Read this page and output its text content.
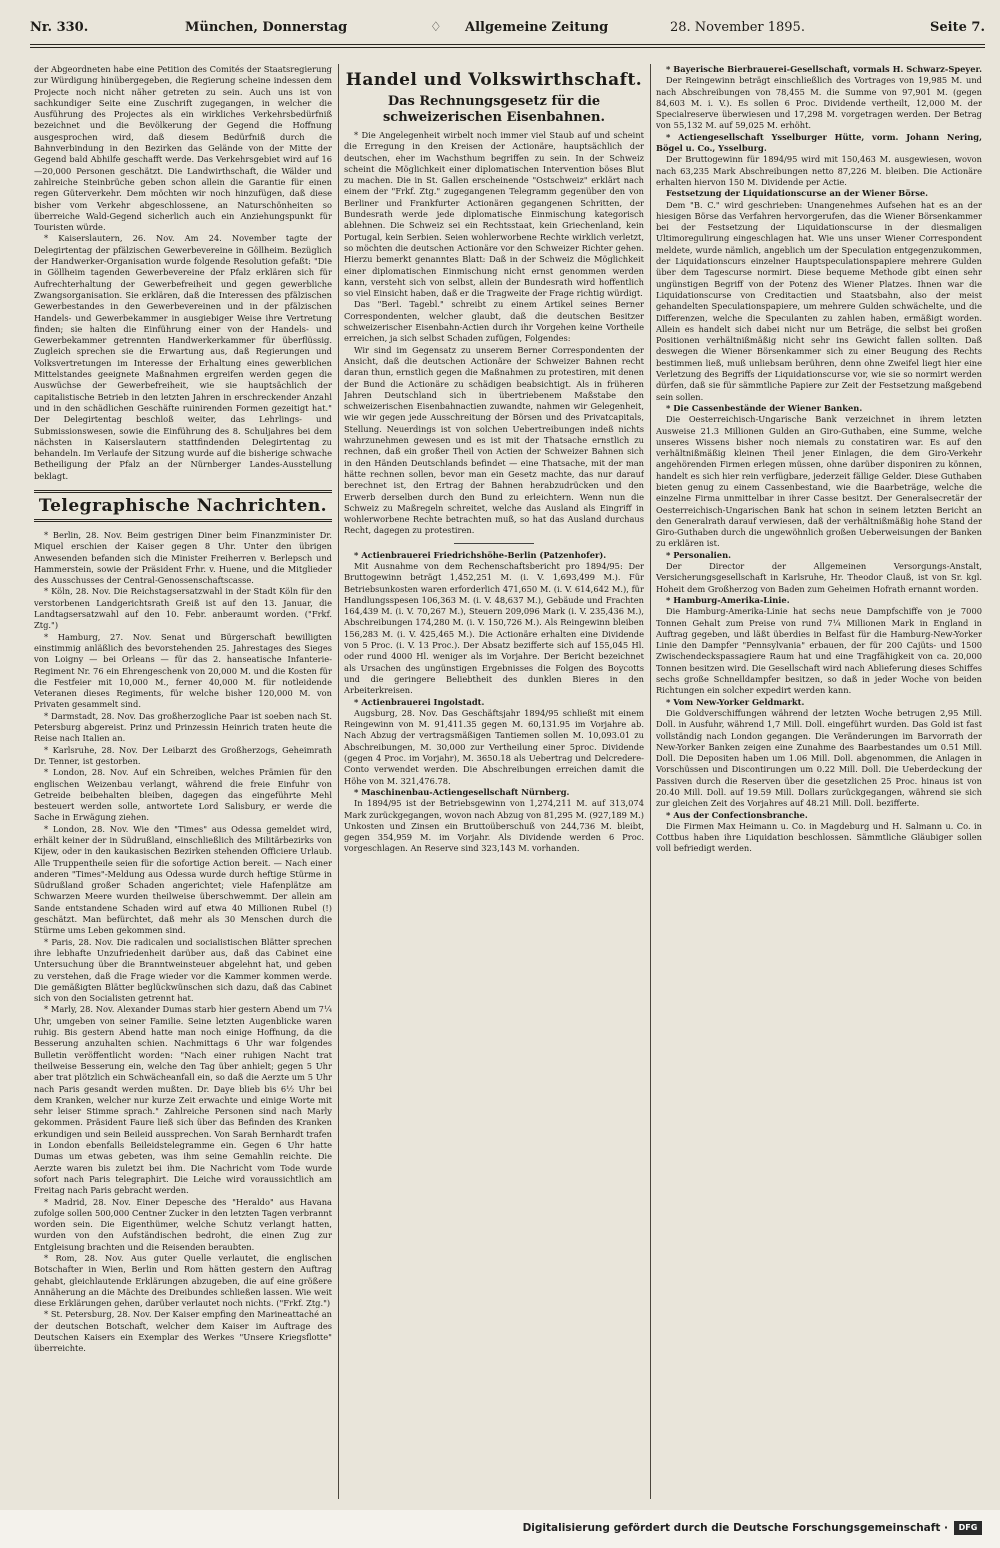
Nr. 330.	München, Donnerstag	♢ Allgemeine Zeitung	28. November 1895.	Seite 7.

der Abgeordneten habe eine Petition des Comités der Staatsregierung zur Würdigung hinübergegeben, die Regierung scheine indessen dem Projecte noch nicht näher getreten zu sein. Auch uns ist von sachkundiger Seite eine Zuschrift zugegangen, in welcher die Ausführung des Projectes als ein wirkliches Verkehrsbedürfniß bezeichnet und die Bevölkerung der Gegend die Hoffnung ausgesprochen wird, daß diesem Bedürfniß durch die Bahnverbindung in den Bezirken das Gelände von der Mitte der Gegend bald Abhilfe geschafft werde. Das Verkehrsgebiet wird auf 16—20,000 Personen geschätzt. Die Landwirthschaft, die Wälder und zahlreiche Steinbrüche geben schon allein die Garantie für einen regen Güterverkehr. Dem möchten wir noch hinzufügen, daß diese bisher vom Verkehr abgeschlossene, an Naturschönheiten so überreiche Wald-Gegend sicherlich auch ein Anziehungspunkt für Touristen würde.

* Kaiserslautern, 26. Nov. Am 24. November tagte der Delegirtentag der pfälzischen Gewerbevereine in Göllheim. Bezüglich der Handwerker-Organisation wurde folgende Resolution gefaßt: "Die in Göllheim tagenden Gewerbevereine der Pfalz erklären sich für Aufrechterhaltung der Gewerbefreiheit und gegen gewerbliche Zwangsorganisation. Sie erklären, daß die Interessen des pfälzischen Gewerbestandes in den Gewerbevereinen und in der pfälzischen Handels- und Gewerbekammer in ausgiebiger Weise ihre Vertretung finden; sie halten die Einführung einer von der Handels- und Gewerbekammer getrennten Handwerkerkammer für überflüssig. Zugleich sprechen sie die Erwartung aus, daß Regierungen und Volksvertretungen im Interesse der Erhaltung eines gewerblichen Mittelstandes geeignete Maßnahmen ergreifen werden gegen die Auswüchse der Gewerbefreiheit, wie sie hauptsächlich der capitalistische Betrieb in den letzten Jahren in erschreckender Anzahl und in den schädlichen Geschäfte ruinirenden Formen gezeitigt hat." Der Delegirtentag beschloß weiter, das Lehrlings- und Submissionswesen, sowie die Einführung des 8. Schuljahres bei dem nächsten in Kaiserslautern stattfindenden Delegirtentag zu behandeln. Im Verlaufe der Sitzung wurde auf die bisherige schwache Betheiligung der Pfalz an der Nürnberger Landes-Ausstellung beklagt.

Telegraphische Nachrichten.

* Berlin, 28. Nov. Beim gestrigen Diner beim Finanzminister Dr. Miquel erschien der Kaiser gegen 8 Uhr. Unter den übrigen Anwesenden befanden sich die Minister Freiherren v. Berlepsch und Hammerstein, sowie der Präsident Frhr. v. Huene, und die Mitglieder des Ausschusses der Central-Genossenschaftscasse.

* Köln, 28. Nov. Die Reichstagsersatzwahl in der Stadt Köln für den verstorbenen Landgerichtsrath Greiß ist auf den 13. Januar, die Landtagsersatzwahl auf den 10. Febr. anberaumt worden. ("Frkf. Ztg.")

* Hamburg, 27. Nov. Senat und Bürgerschaft bewilligten einstimmig anläßlich des bevorstehenden 25. Jahrestages des Sieges von Loigny — bei Orleans — für das 2. hanseatische Infanterie-Regiment Nr. 76 ein Ehrengeschenk von 20,000 M. und die Kosten für die Festfeier mit 10,000 M., ferner 40,000 M. für notleidende Veteranen dieses Regiments, für welche bisher 120,000 M. von Privaten gesammelt sind.

* Darmstadt, 28. Nov. Das großherzogliche Paar ist soeben nach St. Petersburg abgereist. Prinz und Prinzessin Heinrich traten heute die Reise nach Italien an.

* Karlsruhe, 28. Nov. Der Leibarzt des Großherzogs, Geheimrath Dr. Tenner, ist gestorben.

* London, 28. Nov. Auf ein Schreiben, welches Prämien für den englischen Weizenbau verlangt, während die freie Einfuhr von Getreide beibehalten bleiben, dagegen das eingeführte Mehl besteuert werden solle, antwortete Lord Salisbury, er werde die Sache in Erwägung ziehen.

* London, 28. Nov. Wie den "Times" aus Odessa gemeldet wird, erhält keiner der in Südrußland, einschließlich des Militärbezirks von Kijew, oder in den kaukasischen Bezirken stehenden Officiere Urlaub. Alle Truppentheile seien für die sofortige Action bereit. — Nach einer anderen "Times"-Meldung aus Odessa wurde durch heftige Stürme in Südrußland großer Schaden angerichtet; viele Hafenplätze am Schwarzen Meere wurden theilweise überschwemmt. Der allein am Sande entstandene Schaden wird auf etwa 40 Millionen Rubel (!) geschätzt. Man befürchtet, daß mehr als 30 Menschen durch die Stürme ums Leben gekommen sind.

* Paris, 28. Nov. Die radicalen und socialistischen Blätter sprechen ihre lebhafte Unzufriedenheit darüber aus, daß das Cabinet eine Untersuchung über die Branntweinsteuer abgelehnt hat, und geben zu verstehen, daß die Frage wieder vor die Kammer kommen werde. Die gemäßigten Blätter beglückwünschen sich dazu, daß das Cabinet sich von den Socialisten getrennt hat.

* Marly, 28. Nov. Alexander Dumas starb hier gestern Abend um 7¼ Uhr, umgeben von seiner Familie. Seine letzten Augenblicke waren ruhig. Bis gestern Abend hatte man noch einige Hoffnung, da die Besserung anzuhalten schien. Nachmittags 6 Uhr war folgendes Bulletin veröffentlicht worden: "Nach einer ruhigen Nacht trat theilweise Besserung ein, welche den Tag über anhielt; gegen 5 Uhr aber trat plötzlich ein Schwächeanfall ein, so daß die Aerzte um 5 Uhr nach Paris gesandt werden mußten. Dr. Daye blieb bis 6½ Uhr bei dem Kranken, welcher nur kurze Zeit erwachte und einige Worte mit sehr leiser Stimme sprach." Zahlreiche Personen sind nach Marly gekommen. Präsident Faure ließ sich über das Befinden des Kranken erkundigen und sein Beileid aussprechen. Von Sarah Bernhardt trafen in London ebenfalls Beileidstelegramme ein. Gegen 6 Uhr hatte Dumas um etwas gebeten, was ihm seine Gemahlin reichte. Die Aerzte waren bis zuletzt bei ihm. Die Nachricht vom Tode wurde sofort nach Paris telegraphirt. Die Leiche wird voraussichtlich am Freitag nach Paris gebracht werden.

* Madrid, 28. Nov. Einer Depesche des "Heraldo" aus Havana zufolge sollen 500,000 Centner Zucker in den letzten Tagen verbrannt worden sein. Die Eigenthümer, welche Schutz verlangt hatten, wurden von den Aufständischen bedroht, die einen Zug zur Entgleisung brachten und die Reisenden beraubten.

* Rom, 28. Nov. Aus guter Quelle verlautet, die englischen Botschafter in Wien, Berlin und Rom hätten gestern den Auftrag gehabt, gleichlautende Erklärungen abzugeben, die auf eine größere Annäherung an die Mächte des Dreibundes schließen lassen. Wie weit diese Erklärungen gehen, darüber verlautet noch nichts. ("Frkf. Ztg.")

* St. Petersburg, 28. Nov. Der Kaiser empfing den Marineattaché an der deutschen Botschaft, welcher dem Kaiser im Auftrage des Deutschen Kaisers ein Exemplar des Werkes "Unsere Kriegsflotte" überreichte.

Handel und Volkswirthschaft.
Das Rechnungsgesetz für die schweizerischen Eisenbahnen.

* Die Angelegenheit wirbelt noch immer viel Staub auf und scheint die Erregung in den Kreisen der Actionäre, hauptsächlich der deutschen, eher im Wachsthum begriffen zu sein. In der Schweiz scheint die Möglichkeit einer diplomatischen Intervention böses Blut zu machen. Die in St. Gallen erscheinende "Ostschweiz" erklärt nach einem der "Frkf. Ztg." zugegangenen Telegramm gegenüber den von Berliner und Frankfurter Actionären gegangenen Schritten, der Bundesrath werde jede diplomatische Einmischung kategorisch ablehnen. Die Schweiz sei ein Rechtsstaat, kein Griechenland, kein Portugal, kein Serbien. Seien wohlerworbene Rechte wirklich verletzt, so möchten die deutschen Actionäre vor den Schweizer Richter gehen. Hierzu bemerkt genanntes Blatt: Daß in der Schweiz die Möglichkeit einer diplomatischen Einmischung nicht ernst genommen werden kann, versteht sich von selbst, allein der Bundesrath wird hoffentlich so viel Einsicht haben, daß er die Tragweite der Frage richtig würdigt.

Das "Berl. Tagebl." schreibt zu einem Artikel seines Berner Correspondenten, welcher glaubt, daß die deutschen Besitzer schweizerischer Eisenbahn-Actien durch ihr Vorgehen keine Vortheile erreichen, ja sich selbst Schaden zufügen, Folgendes:

Wir sind im Gegensatz zu unserem Berner Correspondenten der Ansicht, daß die deutschen Actionäre der Schweizer Bahnen recht daran thun, ernstlich gegen die Maßnahmen zu protestiren, mit denen der Bund die Actionäre zu schädigen beabsichtigt. Als in früheren Jahren Deutschland sich in übertriebenem Maßstabe den schweizerischen Eisenbahnactien zuwandte, nahmen wir Gelegenheit, wie wir gegen jede Ausschreitung der Börsen und des Privatcapitals, Stellung. Neuerdings ist von solchen Uebertreibungen indeß nichts wahrzunehmen gewesen und es ist mit der Thatsache ernstlich zu rechnen, daß ein großer Theil von Actien der Schweizer Bahnen sich in den Händen Deutschlands befindet — eine Thatsache, mit der man hätte rechnen sollen, bevor man ein Gesetz machte, das nur darauf berechnet ist, den Ertrag der Bahnen herabzudrücken und den Erwerb derselben durch den Bund zu erleichtern. Wenn nun die Schweiz zu Maßregeln schreitet, welche das Ausland als Eingriff in wohlerworbene Rechte betrachten muß, so hat das Ausland durchaus Recht, dagegen zu protestiren.

* Actienbrauerei Friedrichshöhe-Berlin (Patzenhofer).

Mit Ausnahme von dem Rechenschaftsbericht pro 1894/95: Der Bruttogewinn beträgt 1,452,251 M. (i. V. 1,693,499 M.). Für Betriebsunkosten waren erforderlich 471,650 M. (i. V. 614,642 M.), für Handlungsspesen 106,363 M. (i. V. 48,637 M.), Gebäude und Frachten 164,439 M. (i. V. 70,267 M.), Steuern 209,096 Mark (i. V. 235,436 M.), Abschreibungen 174,280 M. (i. V. 150,726 M.). Als Reingewinn bleiben 156,283 M. (i. V. 425,465 M.). Die Actionäre erhalten eine Dividende von 5 Proc. (i. V. 13 Proc.). Der Absatz bezifferte sich auf 155,045 Hl. oder rund 4000 Hl. weniger als im Vorjahre. Der Bericht bezeichnet als Ursachen des ungünstigen Ergebnisses die Folgen des Boycotts und die geringere Beliebtheit des dunklen Bieres in den Arbeiterkreisen.

* Actienbrauerei Ingolstadt.

Augsburg, 28. Nov. Das Geschäftsjahr 1894/95 schließt mit einem Reingewinn von M. 91,411.35 gegen M. 60,131.95 im Vorjahre ab. Nach Abzug der vertragsmäßigen Tantiemen sollen M. 10,093.01 zu Abschreibungen, M. 30,000 zur Vertheilung einer 5proc. Dividende (gegen 4 Proc. im Vorjahr), M. 3650.18 als Uebertrag und Delcredere-Conto verwendet werden. Die Abschreibungen erreichen damit die Höhe von M. 321,476.78.

* Maschinenbau-Actiengesellschaft Nürnberg.

In 1894/95 ist der Betriebsgewinn von 1,274,211 M. auf 313,074 Mark zurückgegangen, wovon nach Abzug von 81,295 M. (927,189 M.) Unkosten und Zinsen ein Bruttoüberschuß von 244,736 M. bleibt, gegen 354,959 M. im Vorjahr. Als Dividende werden 6 Proc. vorgeschlagen. An Reserve sind 323,143 M. vorhanden.

* Bayerische Bierbrauerei-Gesellschaft, vormals H. Schwarz-Speyer.

Der Reingewinn beträgt einschließlich des Vortrages von 19,985 M. und nach Abschreibungen von 78,455 M. die Summe von 97,901 M. (gegen 84,603 M. i. V.). Es sollen 6 Proc. Dividende vertheilt, 12,000 M. der Specialreserve überwiesen und 17,298 M. vorgetragen werden. Der Betrag von 55,132 M. auf 59,025 M. erhöht.

* Actiengesellschaft Ysselburger Hütte, vorm. Johann Nering, Bögel u. Co., Ysselburg.

Der Bruttogewinn für 1894/95 wird mit 150,463 M. ausgewiesen, wovon nach 63,235 Mark Abschreibungen netto 87,226 M. bleiben. Die Actionäre erhalten hiervon 150 M. Dividende per Actie.

Festsetzung der Liquidationscurse an der Wiener Börse.

Dem "B. C." wird geschrieben: Unangenehmes Aufsehen hat es an der hiesigen Börse das Verfahren hervorgerufen, das die Wiener Börsenkammer bei der Festsetzung der Liquidationscurse in der diesmaligen Ultimoregulirung eingeschlagen hat. Wie uns unser Wiener Correspondent meldete, wurde nämlich, angeblich um der Speculation entgegenzukommen, der Liquidationscurs einzelner Hauptspeculationspapiere mehrere Gulden über dem Tagescurse normirt. Diese bequeme Methode gibt einen sehr ungünstigen Begriff von der Potenz des Wiener Platzes. Ihnen war die Liquidationscurse von Creditactien und Staatsbahn, also der meist gehandelten Speculationspapiere, um mehrere Gulden schwächelte, und die Differenzen, welche die Speculanten zu zahlen haben, ermäßigt worden. Allein es handelt sich dabei nicht nur um Beträge, die selbst bei großen Positionen verhältnißmäßig nicht sehr ins Gewicht fallen sollten. Daß deswegen die Wiener Börsenkammer sich zu einer Beugung des Rechts bestimmen ließ, muß unliebsam berühren, denn ohne Zweifel liegt hier eine Verletzung des Begriffs der Liquidationscurse vor, wie sie so normirt werden dürfen, daß sie für sämmtliche Papiere zur Zeit der Festsetzung maßgebend sein sollen.

* Die Cassenbestände der Wiener Banken.

Die Oesterreichisch-Ungarische Bank verzeichnet in ihrem letzten Ausweise 21.3 Millionen Gulden an Giro-Guthaben, eine Summe, welche unseres Wissens bisher noch niemals zu constatiren war. Es auf den verhältnißmäßig kleinen Theil jener Einlagen, die dem Giro-Verkehr angehörenden Firmen erlegen müssen, ohne darüber disponiren zu können, handelt es sich hier rein verfügbare, jederzeit fällige Gelder. Diese Guthaben bieten genug zu einem Cassenbestand, wie die Baarbeträge, welche die einzelne Firma unmittelbar in ihrer Casse besitzt. Der Generalsecretär der Oesterreichisch-Ungarischen Bank hat schon in seinem letzten Bericht an den Generalrath darauf verwiesen, daß der verhältnißmäßig hohe Stand der Giro-Guthaben durch die ungewöhnlich großen Ueberweisungen der Banken zu erklären ist.

* Personalien.

Der Director der Allgemeinen Versorgungs-Anstalt, Versicherungsgesellschaft in Karlsruhe, Hr. Theodor Clauß, ist von Sr. kgl. Hoheit dem Großherzog von Baden zum Geheimen Hofrath ernannt worden.

* Hamburg-Amerika-Linie.

Die Hamburg-Amerika-Linie hat sechs neue Dampfschiffe von je 7000 Tonnen Gehalt zum Preise von rund 7¼ Millionen Mark in England in Auftrag gegeben, und läßt überdies in Belfast für die Hamburg-New-Yorker Linie den Dampfer "Pennsylvania" erbauen, der für 200 Cajüts- und 1500 Zwischendeckspassagiere Raum hat und eine Tragfähigkeit von ca. 20,000 Tonnen besitzen wird. Die Gesellschaft wird nach Ablieferung dieses Schiffes sechs große Schnelldampfer besitzen, so daß in jeder Woche von beiden Richtungen ein solcher expedirt werden kann.

* Vom New-Yorker Geldmarkt.

Die Goldverschiffungen während der letzten Woche betrugen 2,95 Mill. Doll. in Ausfuhr, während 1,7 Mill. Doll. eingeführt wurden. Das Gold ist fast vollständig nach London gegangen. Die Veränderungen im Barvorrath der New-Yorker Banken zeigen eine Zunahme des Baarbestandes um 0.51 Mill. Doll. Die Depositen haben um 1.06 Mill. Doll. abgenommen, die Anlagen in Vorschüssen und Discontirungen um 0.22 Mill. Doll. Die Ueberdeckung der Passiven durch die Reserven über die gesetzlichen 25 Proc. hinaus ist von 20.40 Mill. Doll. auf 19.59 Mill. Dollars zurückgegangen, während sie sich zur gleichen Zeit des Vorjahres auf 48.21 Mill. Doll. bezifferte.

* Aus der Confectionsbranche.

Die Firmen Max Heimann u. Co. in Magdeburg und H. Salmann u. Co. in Cottbus haben ihre Liquidation beschlossen. Sämmtliche Gläubiger sollen voll befriedigt werden.

Digitalisierung gefördert durch die Deutsche Forschungsgemeinschaft ·	DFG
